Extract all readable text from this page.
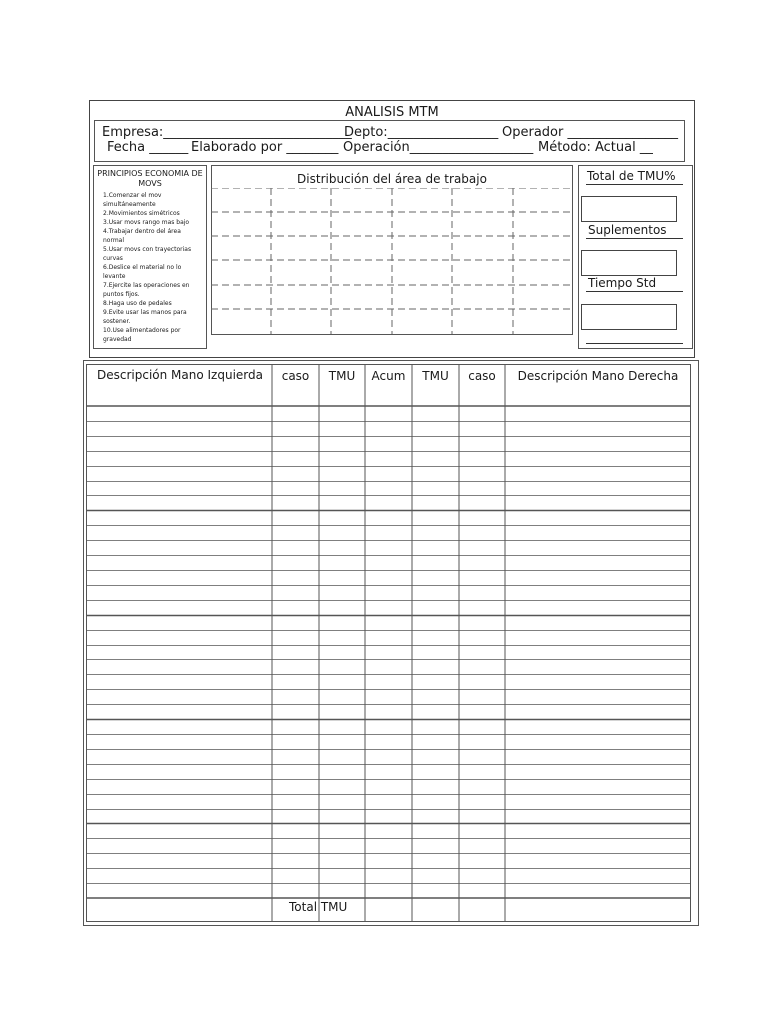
ANALISIS MTM
Empresa:_____________________________
Depto:_________________ Operador _________________
Fecha ______ Elaborado por ________ Operación___________________ Método: Actual __
PRINCIPIOS ECONOMIA DE MOVS
1.Comenzar el mov simultáneamente
2.Movimientos simétricos
3.Usar movs rango mas bajo
4.Trabajar dentro del área normal
5.Usar movs con trayectorias curvas
6.Deslice el material no lo levante
7.Ejercite las operaciones en puntos fijos.
8.Haga uso de pedales
9.Evite usar las manos para sostener.
10.Use alimentadores por gravedad
Distribución del área de trabajo	Total de TMU%
Suplementos
Tiempo Std
Descripción Mano Izquierda	caso	TMU	Acum	TMU	caso	Descripción Mano Derecha
Total TMU
